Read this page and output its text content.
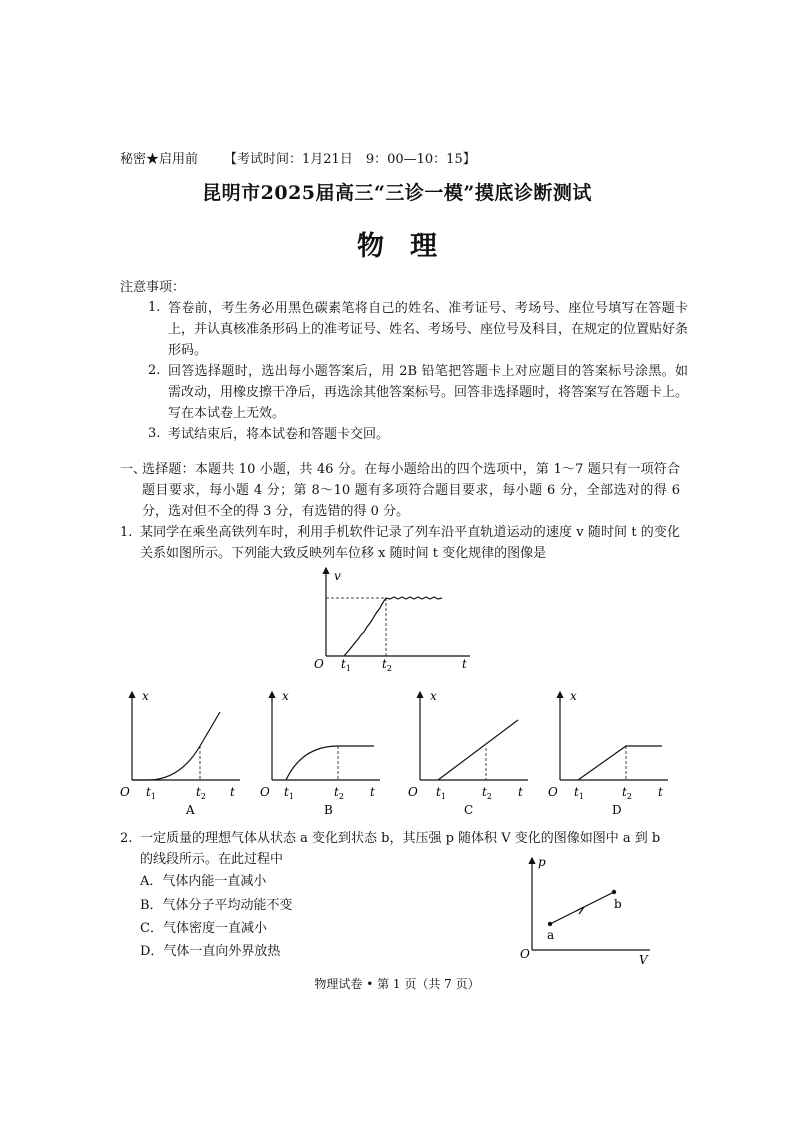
秘密★启用前 【考试时间：1月21日　9：00—10：15】
昆明市2025届高三“三诊一模”摸底诊断测试
物理
注意事项：
1. 答卷前，考生务必用黑色碳素笔将自己的姓名、准考证号、考场号、座位号填写在答题卡上，并认真核准条形码上的准考证号、姓名、考场号、座位号及科目，在规定的位置贴好条形码。
2. 回答选择题时，选出每小题答案后，用 2B 铅笔把答题卡上对应题目的答案标号涂黑。如需改动，用橡皮擦干净后，再选涂其他答案标号。回答非选择题时，将答案写在答题卡上。写在本试卷上无效。
3. 考试结束后，将本试卷和答题卡交回。
一、
选择题：本题共 10 小题，共 46 分。在每小题给出的四个选项中，第 1～7 题只有一项符合题目要求，每小题 4 分；第 8～10 题有多项符合题目要求，每小题 6 分，全部选对的得 6 分，选对但不全的得 3 分，有选错的得 0 分。
1. 某同学在乘坐高铁列车时，利用手机软件记录了列车沿平直轨道运动的速度 v 随时间 t 的变化关系如图所示。下列能大致反映列车位移 x 随时间 t 变化规律的图像是
v
t
O $t_1$	$t_2$
x
t
O $t_1$	$t_2$
A
x
t
O $t_1$	$t_2$
B
x
t
O $t_1$	$t_2$
C
x
t
O $t_1$	$t_2$
D
2. 一定质量的理想气体从状态 a 变化到状态 b，其压强 p 随体积 V 变化的图像如图中 a 到 b
的线段所示。在此过程中
A．气体内能一直减小
B．气体分子平均动能不变
C．气体密度一直减小
D．气体一直向外界放热
a
b
p
V
O
物理试卷 • 第 1 页（共 7 页）
